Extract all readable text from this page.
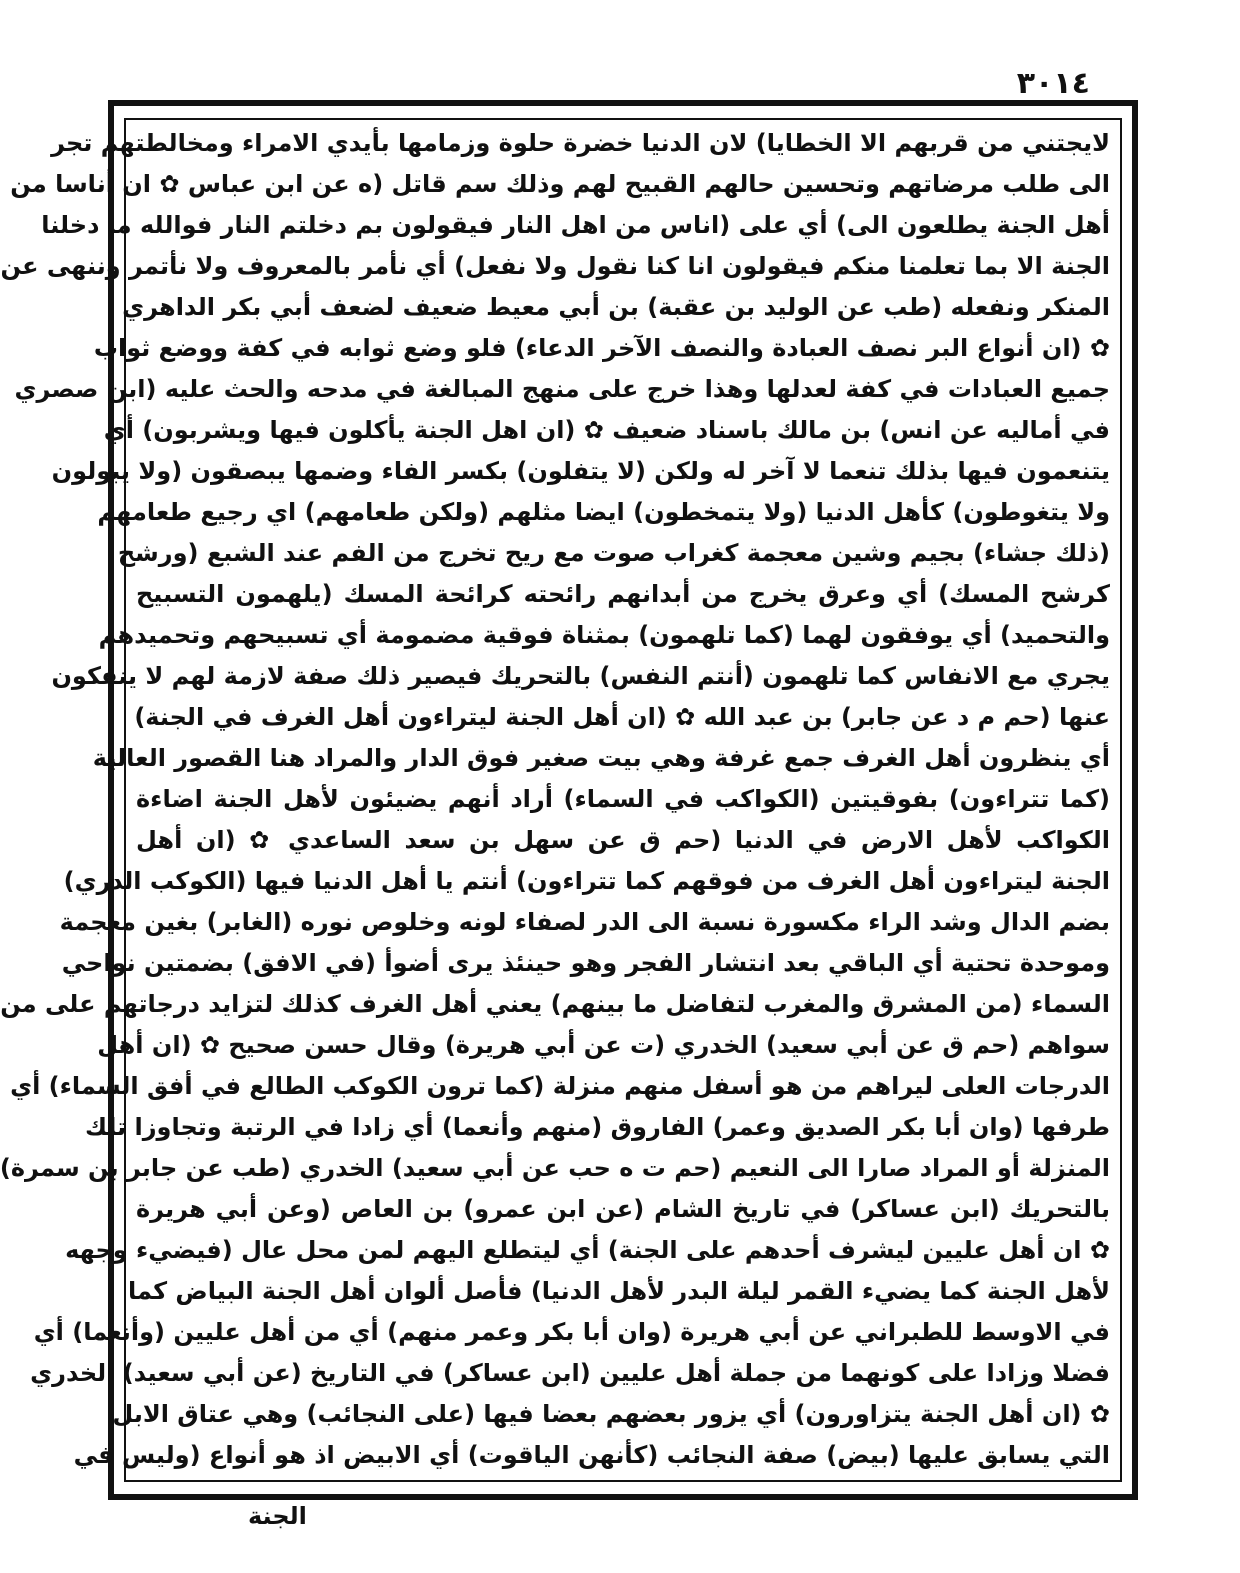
٣٠١٤
لايجتني من قربهم الا الخطايا) لان الدنيا خضرة حلوة وزمامها بأيدي الامراء ومخالطتهم تجر
الى طلب مرضاتهم وتحسين حالهم القبيح لهم وذلك سم قاتل (ه عن ابن عباس ✿ ان أناسا من
أهل الجنة يطلعون الى) أي على (اناس من اهل النار فيقولون بم دخلتم النار فوالله ما دخلنا
الجنة الا بما تعلمنا منكم فيقولون انا كنا نقول ولا نفعل) أي نأمر بالمعروف ولا نأتمر وننهى عن
المنكر ونفعله (طب عن الوليد بن عقبة) بن أبي معيط ضعيف لضعف أبي بكر الداهري
✿ (ان أنواع البر نصف العبادة والنصف الآخر الدعاء) فلو وضع ثوابه في كفة ووضع ثواب
جميع العبادات في كفة لعدلها وهذا خرج على منهج المبالغة في مدحه والحث عليه (ابن صصري
في أماليه عن انس) بن مالك باسناد ضعيف ✿ (ان اهل الجنة يأكلون فيها ويشربون) أي
يتنعمون فيها بذلك تنعما لا آخر له ولكن (لا يتفلون) بكسر الفاء وضمها يبصقون (ولا يبولون
ولا يتغوطون) كأهل الدنيا (ولا يتمخطون) ايضا مثلهم (ولكن طعامهم) اي رجيع طعامهم
(ذلك جشاء) بجيم وشين معجمة كغراب صوت مع ريح تخرج من الفم عند الشبع (ورشح
كرشح المسك) أي وعرق يخرج من أبدانهم رائحته كرائحة المسك (يلهمون التسبيح
والتحميد) أي يوفقون لهما (كما تلهمون) بمثناة فوقية مضمومة أي تسبيحهم وتحميدهم
يجري مع الانفاس كما تلهمون (أنتم النفس) بالتحريك فيصير ذلك صفة لازمة لهم لا ينفكون
عنها (حم م د عن جابر) بن عبد الله ✿ (ان أهل الجنة ليتراءون أهل الغرف في الجنة)
أي ينظرون أهل الغرف جمع غرفة وهي بيت صغير فوق الدار والمراد هنا القصور العالية
(كما تتراءون) بفوقيتين (الكواكب في السماء) أراد أنهم يضيئون لأهل الجنة اضاءة
الكواكب لأهل الارض في الدنيا (حم ق عن سهل بن سعد الساعدي ✿ (ان أهل
الجنة ليتراءون أهل الغرف من فوقهم كما تتراءون) أنتم يا أهل الدنيا فيها (الكوكب الدري)
بضم الدال وشد الراء مكسورة نسبة الى الدر لصفاء لونه وخلوص نوره (الغابر) بغين معجمة
وموحدة تحتية أي الباقي بعد انتشار الفجر وهو حينئذ يرى أضوأ (في الافق) بضمتين نواحي
السماء (من المشرق والمغرب لتفاضل ما بينهم) يعني أهل الغرف كذلك لتزايد درجاتهم على من
سواهم (حم ق عن أبي سعيد) الخدري (ت عن أبي هريرة) وقال حسن صحيح ✿ (ان أهل
الدرجات العلى ليراهم من هو أسفل منهم منزلة (كما ترون الكوكب الطالع في أفق السماء) أي
طرفها (وان أبا بكر الصديق وعمر) الفاروق (منهم وأنعما) أي زادا في الرتبة وتجاوزا تلك
المنزلة أو المراد صارا الى النعيم (حم ت ه حب عن أبي سعيد) الخدري (طب عن جابر بن سمرة)
بالتحريك (ابن عساكر) في تاريخ الشام (عن ابن عمرو) بن العاص (وعن أبي هريرة
✿ ان أهل عليين ليشرف أحدهم على الجنة) أي ليتطلع اليهم لمن محل عال (فيضيء وجهه
لأهل الجنة كما يضيء القمر ليلة البدر لأهل الدنيا) فأصل ألوان أهل الجنة البياض كما
في الاوسط للطبراني عن أبي هريرة (وان أبا بكر وعمر منهم) أي من أهل عليين (وأنعما) أي
فضلا وزادا على كونهما من جملة أهل عليين (ابن عساكر) في التاريخ (عن أبي سعيد) الخدري
✿ (ان أهل الجنة يتزاورون) أي يزور بعضهم بعضا فيها (على النجائب) وهي عتاق الابل
التي يسابق عليها (بيض) صفة النجائب (كأنهن الياقوت) أي الابيض اذ هو أنواع (وليس في
الجنة
